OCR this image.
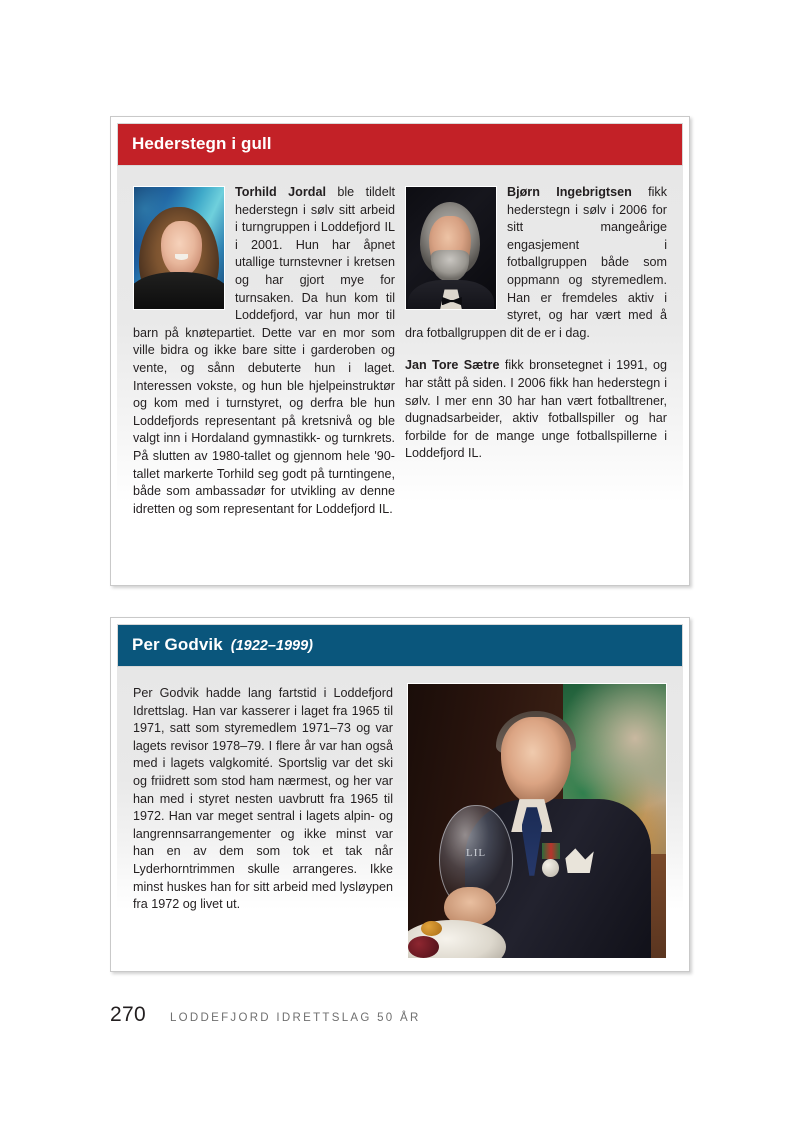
Hederstegn i gull

Torhild Jordal ble tildelt hederstegn i sølv sitt arbeid i turngruppen i Loddefjord IL i 2001. Hun har åpnet utallige turnstevner i kretsen og har gjort mye for turnsaken. Da hun kom til Loddefjord, var hun mor til barn på knøtepartiet. Dette var en mor som ville bidra og ikke bare sitte i garderoben og vente, og sånn debuterte hun i laget. Interessen vokste, og hun ble hjelpeinstruktør og kom med i turnstyret, og derfra ble hun Loddefjords representant på kretsnivå og ble valgt inn i Hordaland gymnastikk- og turnkrets. På slutten av 1980-tallet og gjennom hele '90-tallet markerte Torhild seg godt på turntingene, både som ambassadør for utvikling av denne idretten og som representant for Loddefjord IL.

Bjørn Ingebrigtsen fikk hederstegn i sølv i 2006 for sitt mangeårige engasjement i fotballgruppen både som oppmann og styremedlem. Han er fremdeles aktiv i styret, og har vært med å dra fotballgruppen dit de er i dag.

Jan Tore Sætre fikk bronsetegnet i 1991, og har stått på siden. I 2006 fikk han hederstegn i sølv. I mer enn 30 har han vært fotballtrener, dugnadsarbeider, aktiv fotballspiller og har forbilde for de mange unge fotballspillerne i Loddefjord IL.

Per Godvik (1922–1999)

Per Godvik hadde lang fartstid i Loddefjord Idrettslag. Han var kasserer i laget fra 1965 til 1971, satt som styremedlem 1971–73 og var lagets revisor 1978–79. I flere år var han også med i lagets valgkomité. Sportslig var det ski og friidrett som stod ham nærmest, og her var han med i styret nesten uavbrutt fra 1965 til 1972. Han var meget sentral i lagets alpin- og langrennsarrangementer og ikke minst var han en av dem som tok et tak når Lyderhorntrimmen skulle arrangeres. Ikke minst huskes han for sitt arbeid med lysløypen fra 1972 og livet ut.

LIL
270 LODDEFJORD IDRETTSLAG 50 ÅR
